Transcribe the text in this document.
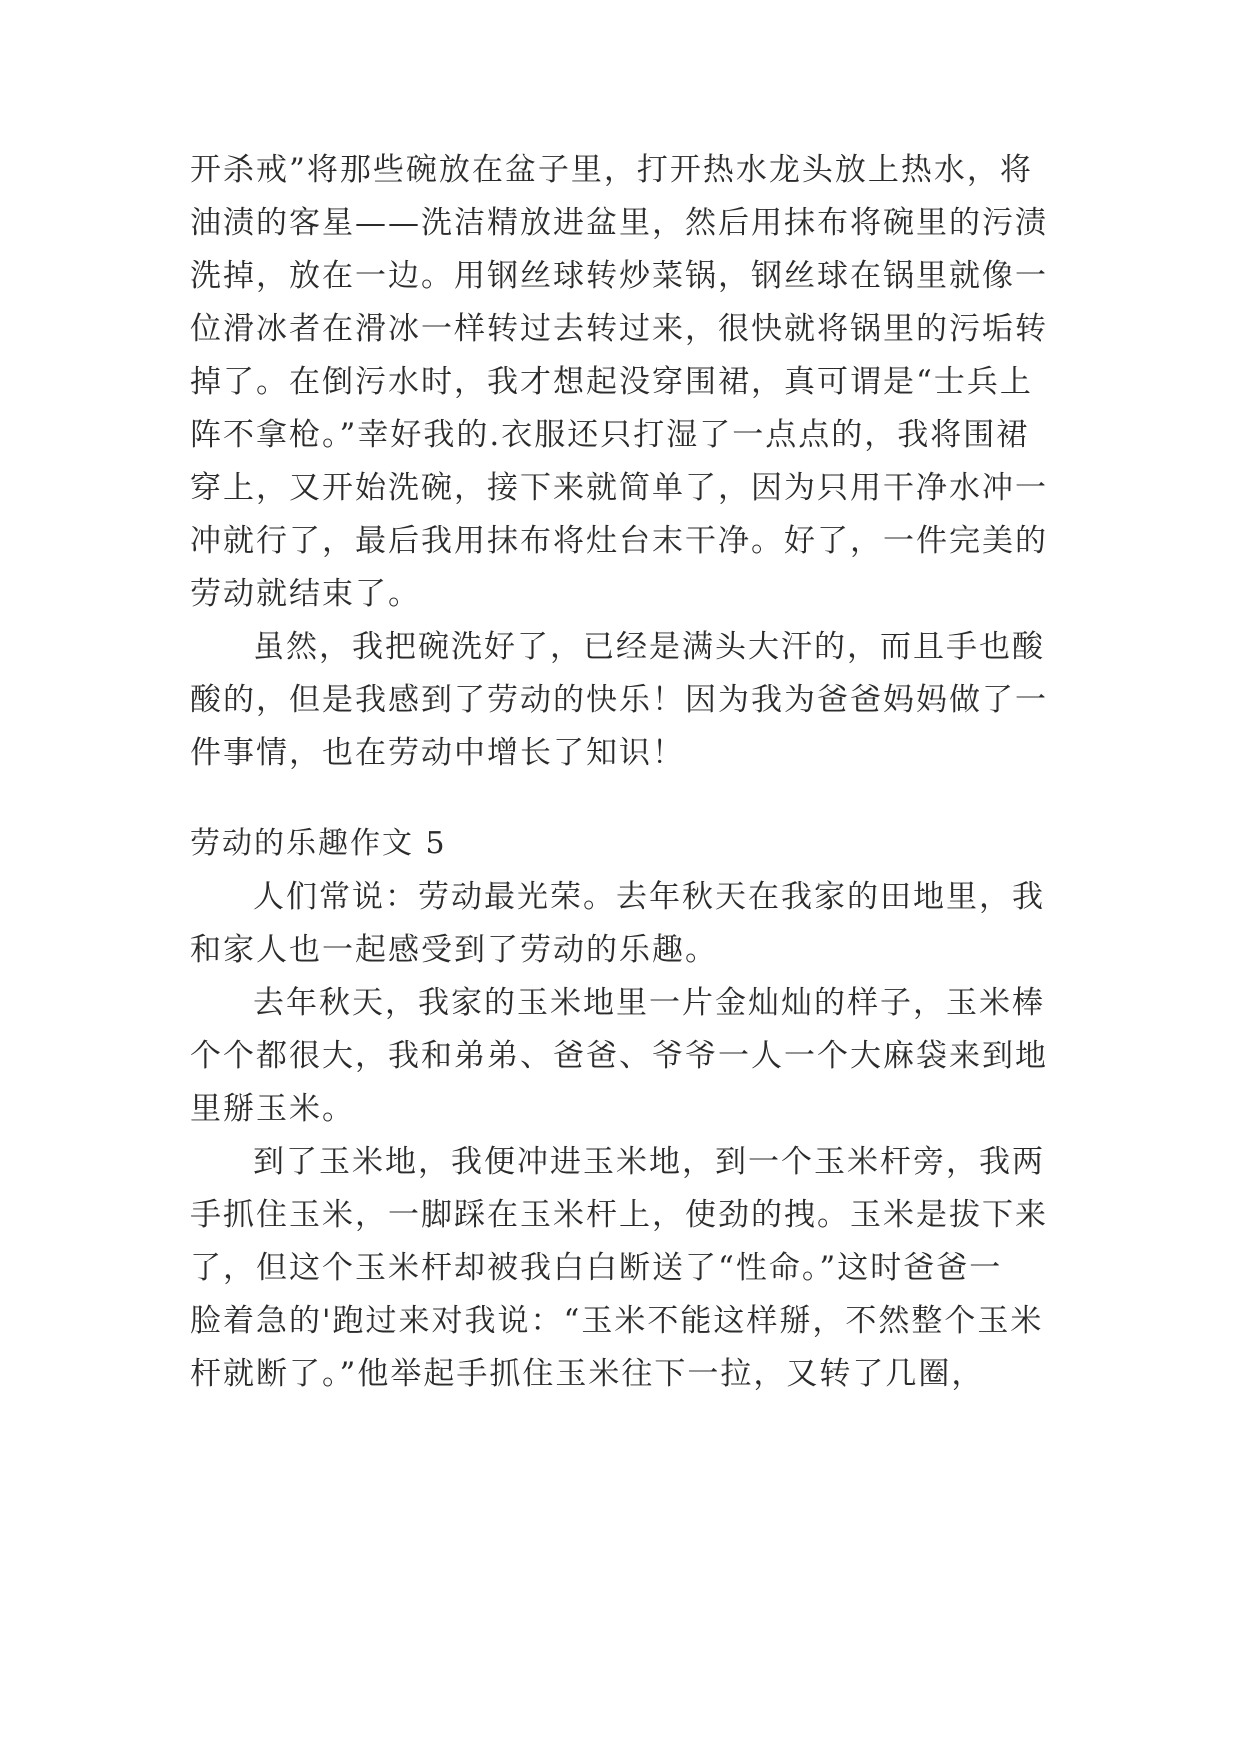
开杀戒”将那些碗放在盆子里，打开热水龙头放上热水，将
油渍的客星——洗洁精放进盆里，然后用抹布将碗里的污渍
洗掉，放在一边。用钢丝球转炒菜锅，钢丝球在锅里就像一
位滑冰者在滑冰一样转过去转过来，很快就将锅里的污垢转
掉了。在倒污水时，我才想起没穿围裙，真可谓是“士兵上
阵不拿枪。”幸好我的.衣服还只打湿了一点点的，我将围裙
穿上，又开始洗碗，接下来就简单了，因为只用干净水冲一
冲就行了，最后我用抹布将灶台末干净。好了，一件完美的
劳动就结束了。
虽然，我把碗洗好了，已经是满头大汗的，而且手也酸
酸的，但是我感到了劳动的快乐！因为我为爸爸妈妈做了一
件事情，也在劳动中增长了知识！
劳动的乐趣作文 5
人们常说：劳动最光荣。去年秋天在我家的田地里，我
和家人也一起感受到了劳动的乐趣。
去年秋天，我家的玉米地里一片金灿灿的样子，玉米棒
个个都很大，我和弟弟、爸爸、爷爷一人一个大麻袋来到地
里掰玉米。
到了玉米地，我便冲进玉米地，到一个玉米杆旁，我两
手抓住玉米，一脚踩在玉米杆上，使劲的拽。玉米是拔下来
了，但这个玉米杆却被我白白断送了“性命。”这时爸爸一
脸着急的'跑过来对我说：“玉米不能这样掰，不然整个玉米
杆就断了。”他举起手抓住玉米往下一拉，又转了几圈，
